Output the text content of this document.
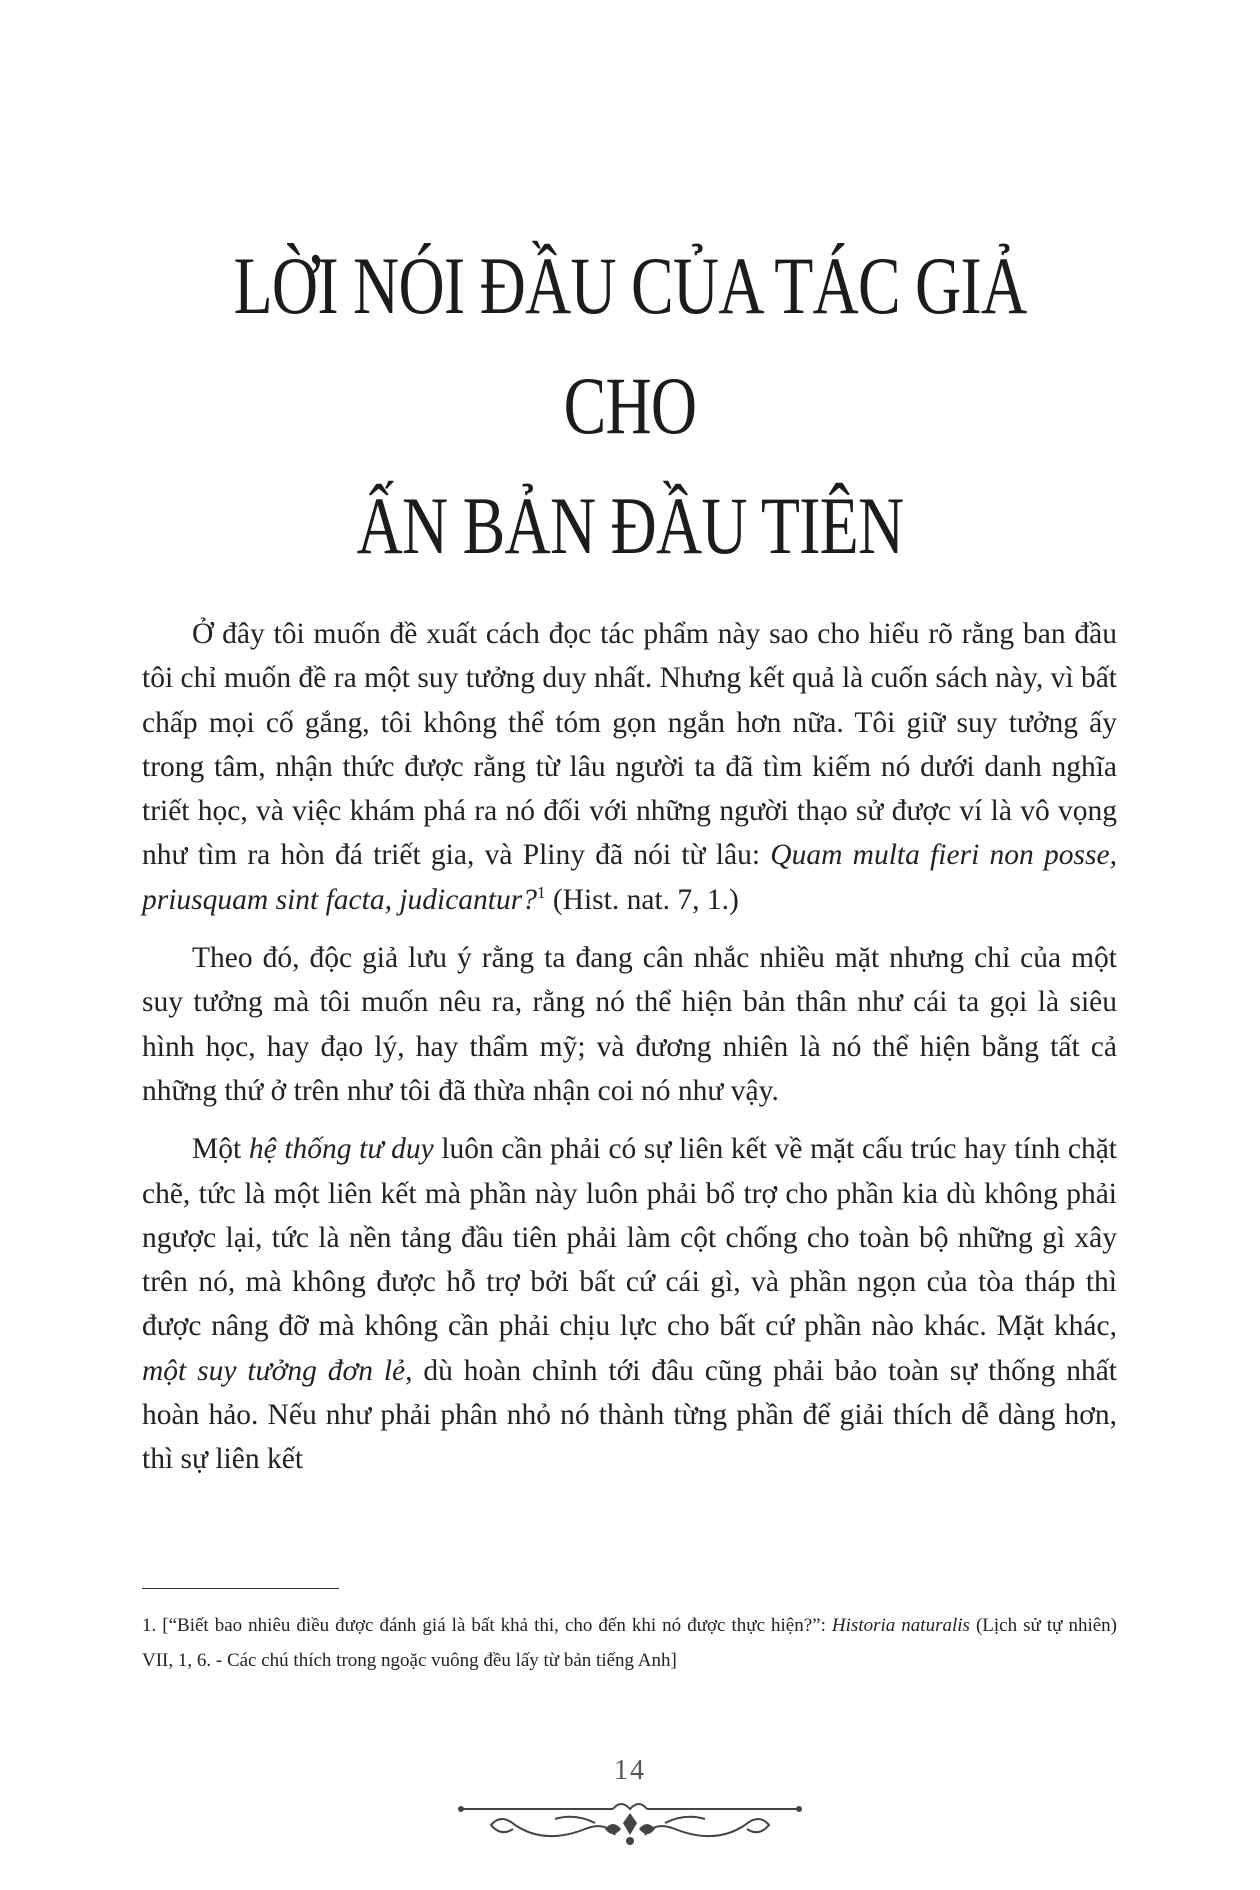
LỜI NÓI ĐẦU CỦA TÁC GIẢ CHO
ẤN BẢN ĐẦU TIÊN

Ở đây tôi muốn đề xuất cách đọc tác phẩm này sao cho hiểu rõ rằng ban đầu tôi chỉ muốn đề ra một suy tưởng duy nhất. Nhưng kết quả là cuốn sách này, vì bất chấp mọi cố gắng, tôi không thể tóm gọn ngắn hơn nữa. Tôi giữ suy tưởng ấy trong tâm, nhận thức được rằng từ lâu người ta đã tìm kiếm nó dưới danh nghĩa triết học, và việc khám phá ra nó đối với những người thạo sử được ví là vô vọng như tìm ra hòn đá triết gia, và Pliny đã nói từ lâu: Quam multa fieri non posse, priusquam sint facta, judicantur?$^1$ (Hist. nat. 7, 1.)

Theo đó, độc giả lưu ý rằng ta đang cân nhắc nhiều mặt nhưng chỉ của một suy tưởng mà tôi muốn nêu ra, rằng nó thể hiện bản thân như cái ta gọi là siêu hình học, hay đạo lý, hay thẩm mỹ; và đương nhiên là nó thể hiện bằng tất cả những thứ ở trên như tôi đã thừa nhận coi nó như vậy.

Một hệ thống tư duy luôn cần phải có sự liên kết về mặt cấu trúc hay tính chặt chẽ, tức là một liên kết mà phần này luôn phải bổ trợ cho phần kia dù không phải ngược lại, tức là nền tảng đầu tiên phải làm cột chống cho toàn bộ những gì xây trên nó, mà không được hỗ trợ bởi bất cứ cái gì, và phần ngọn của tòa tháp thì được nâng đỡ mà không cần phải chịu lực cho bất cứ phần nào khác. Mặt khác, một suy tưởng đơn lẻ, dù hoàn chỉnh tới đâu cũng phải bảo toàn sự thống nhất hoàn hảo. Nếu như phải phân nhỏ nó thành từng phần để giải thích dễ dàng hơn, thì sự liên kết

1. [“Biết bao nhiêu điều được đánh giá là bất khả thi, cho đến khi nó được thực hiện?”: Historia naturalis (Lịch sử tự nhiên) VII, 1, 6. - Các chú thích trong ngoặc vuông đều lấy từ bản tiếng Anh]

14
